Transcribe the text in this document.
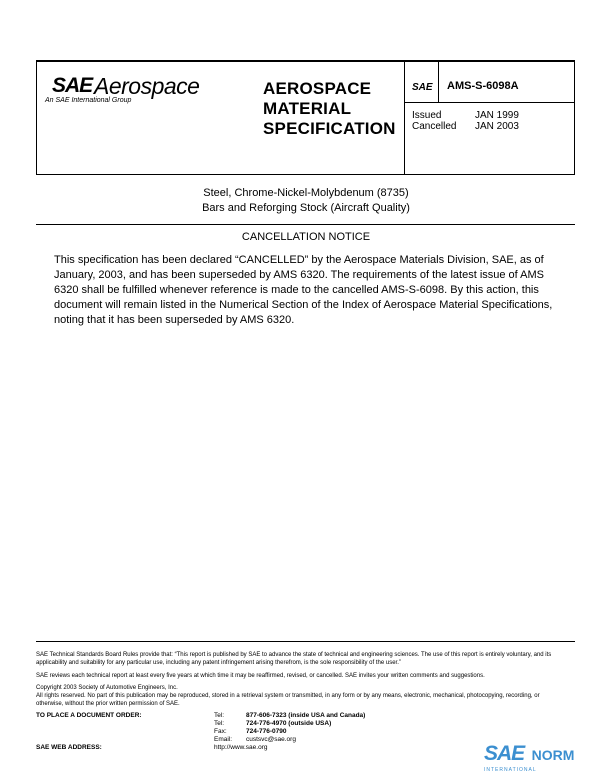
SAE Aerospace
An SAE International Group
AEROSPACE
MATERIAL
SPECIFICATION
SAE AMS-S-6098A
Issued	JAN 1999
Cancelled JAN 2003
Steel, Chrome-Nickel-Molybdenum (8735)
Bars and Reforging Stock (Aircraft Quality)
CANCELLATION NOTICE
This specification has been declared “CANCELLED” by the Aerospace Materials Division, SAE, as of January, 2003, and has been superseded by AMS 6320. The requirements of the latest issue of AMS 6320 shall be fulfilled whenever reference is made to the cancelled AMS-S-6098. By this action, this document will remain listed in the Numerical Section of the Index of Aerospace Material Specifications, noting that it has been superseded by AMS 6320.
SAE Technical Standards Board Rules provide that: “This report is published by SAE to advance the state of technical and engineering sciences. The use of this report is entirely voluntary, and its applicability and suitability for any particular use, including any patent infringement arising therefrom, is the sole responsibility of the user.”
SAE reviews each technical report at least every five years at which time it may be reaffirmed, revised, or cancelled. SAE invites your written comments and suggestions.
Copyright 2003 Society of Automotive Engineers, Inc.
All rights reserved. No part of this publication may be reproduced, stored in a retrieval system or transmitted, in any form or by any means, electronic, mechanical, photocopying, recording, or otherwise, without the prior written permission of SAE.
TO PLACE A DOCUMENT ORDER:	Tel:	877-606-7323 (inside USA and Canada)
Tel:	724-776-4970 (outside USA)
Fax:	724-776-0790
Email: custsvc@sae.org
SAE WEB ADDRESS:	http://www.sae.org	SAE NORM
INTERNATIONAL
